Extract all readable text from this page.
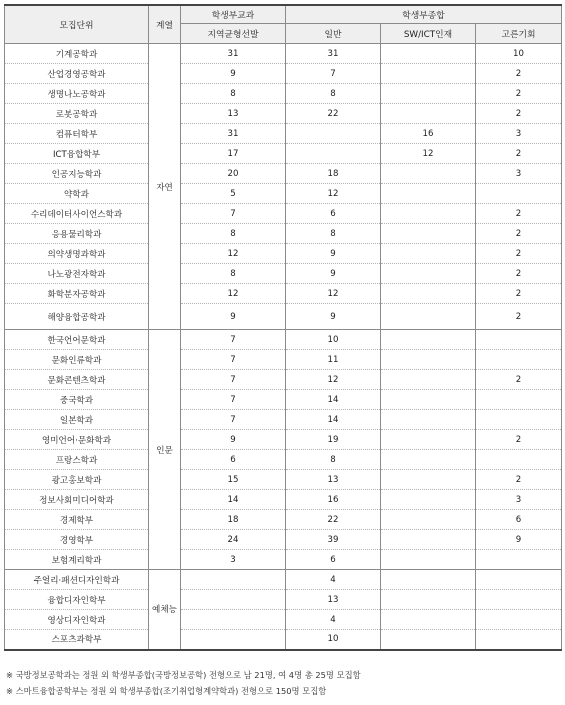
모집단위	계열	학생부교과	학생부종합		
		지역균형선발	일반	SW/ICT인재	고른기회
기계공학과	자연	31	31		10
산업경영공학과		9	7		2
생명나노공학과		8	8		2
로봇공학과		13	22		2
컴퓨터학부		31		16	3
ICT융합학부		17		12	2
인공지능학과		20	18		3
약학과		5	12		
수리데이터사이언스학과		7	6		2
응용물리학과		8	8		2
의약생명과학과		12	9		2
나노광전자학과		8	9		2
화학분자공학과		12	12		2
해양융합공학과		9	9		2
한국언어문학과	인문	7	10		
문화인류학과		7	11		
문화콘텐츠학과		7	12		2
중국학과		7	14		
일본학과		7	14		
영미언어·문화학과		9	19		2
프랑스학과		6	8		
광고홍보학과		15	13		2
정보사회미디어학과		14	16		3
경제학부		18	22		6
경영학부		24	39		9
보험계리학과		3	6		
주얼리·패션디자인학과	예체능		4		
융합디자인학부			13		
영상디자인학과			4		
스포츠과학부			10		
※ 국방정보공학과는 정원 외 학생부종합(국방정보공학) 전형으로 남 21명, 여 4명 총 25명 모집함
※ 스마트융합공학부는 정원 외 학생부종합(조기취업형계약학과) 전형으로 150명 모집함
